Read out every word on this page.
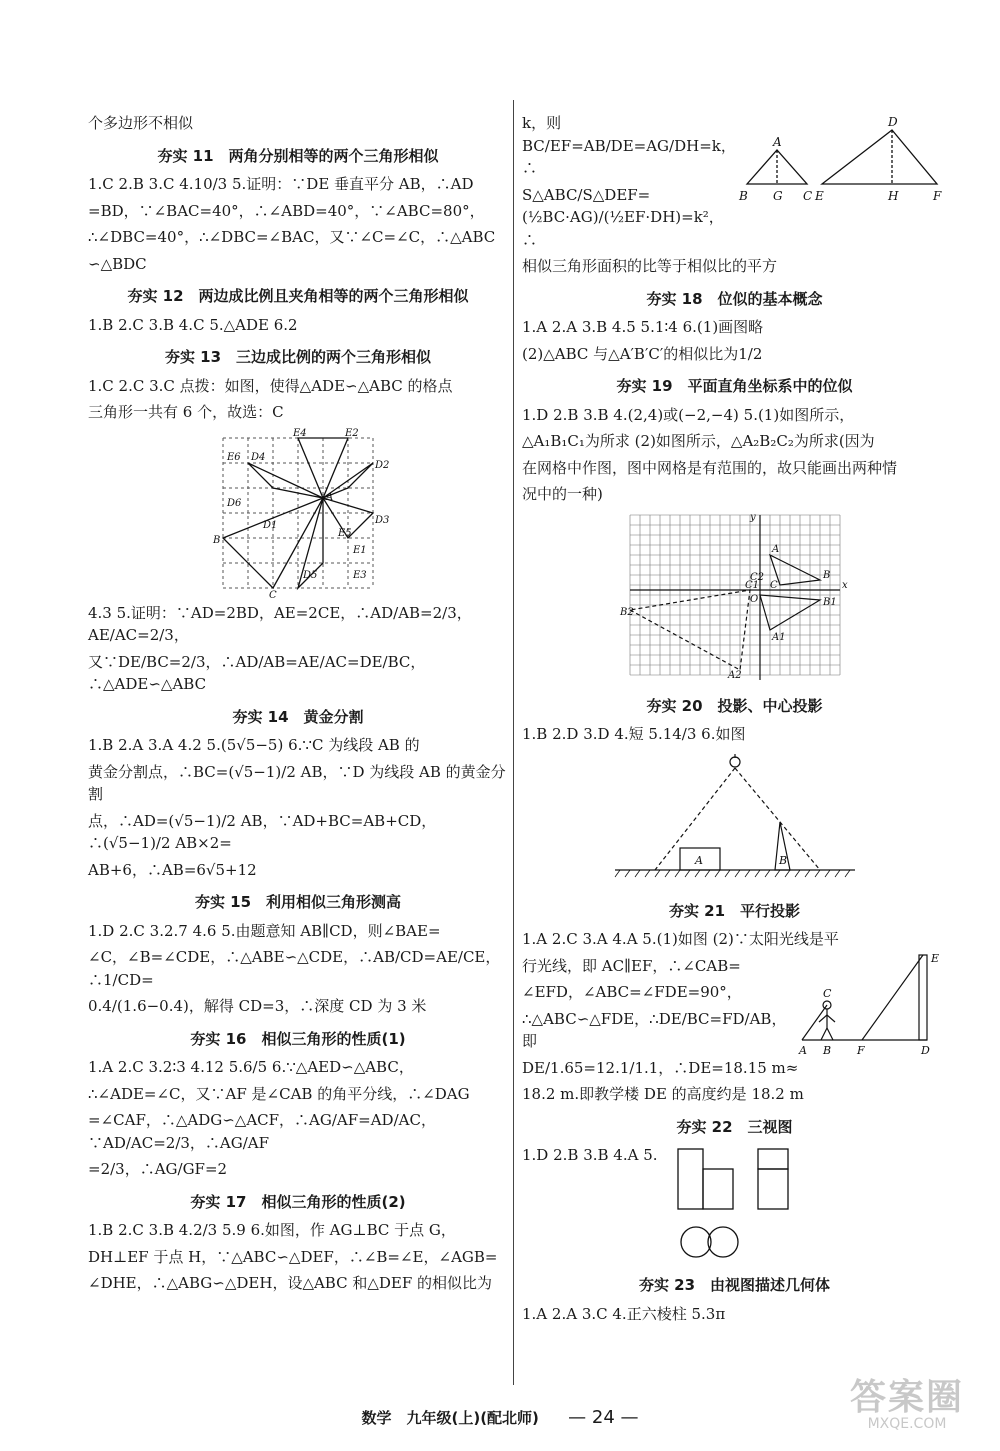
个多边形不相似
夯实 11　两角分别相等的两个三角形相似
1.C 2.B 3.C 4.10/3 5.证明：∵DE 垂直平分 AB，∴AD
=BD，∵∠BAC=40°，∴∠ABD=40°，∵∠ABC=80°，
∴∠DBC=40°，∴∠DBC=∠BAC，又∵∠C=∠C，∴△ABC
∽△BDC
夯实 12　两边成比例且夹角相等的两个三角形相似
1.B 2.C 3.B 4.C 5.△ADE 6.2
夯实 13　三边成比例的两个三角形相似
1.C 2.C 3.C 点拨：如图，使得△ADE∽△ABC 的格点
三角形一共有 6 个，故选：C
E4	E2
E6 D4
D2
A
D6
D3
D1
E5
B
E1
D5	E3
C
4.3 5.证明：∵AD=2BD，AE=2CE，∴AD/AB=2/3，AE/AC=2/3，
又∵DE/BC=2/3，∴AD/AB=AE/AC=DE/BC，∴△ADE∽△ABC
夯实 14　黄金分割
1.B 2.A 3.A 4.2 5.(5√5−5) 6.∵C 为线段 AB 的
黄金分割点，∴BC=(√5−1)/2 AB，∵D 为线段 AB 的黄金分割
点，∴AD=(√5−1)/2 AB，∵AD+BC=AB+CD，∴(√5−1)/2 AB×2=
AB+6，∴AB=6√5+12
夯实 15　利用相似三角形测高
1.D 2.C 3.2.7 4.6 5.由题意知 AB∥CD，则∠BAE=
∠C，∠B=∠CDE，∴△ABE∽△CDE，∴AB/CD=AE/CE，∴1/CD=
0.4/(1.6−0.4)，解得 CD=3，∴深度 CD 为 3 米
夯实 16　相似三角形的性质(1)
1.A 2.C 3.2∶3 4.12 5.6/5 6.∵△AED∽△ABC，
∴∠ADE=∠C，又∵AF 是∠CAB 的角平分线，∴∠DAG
=∠CAF，∴△ADG∽△ACF，∴AG/AF=AD/AC，∵AD/AC=2/3，∴AG/AF
=2/3，∴AG/GF=2
夯实 17　相似三角形的性质(2)
1.B 2.C 3.B 4.2/3 5.9 6.如图，作 AG⊥BC 于点 G，
DH⊥EF 于点 H，∵△ABC∽△DEF，∴∠B=∠E，∠AGB=
∠DHE，∴△ABG∽△DEH，设△ABC 和△DEF 的相似比为
k，则 BC/EF=AB/DE=AG/DH=k，∴
S△ABC/S△DEF=(½BC·AG)/(½EF·DH)=k²，∴
A
B G C
D
E	H	F
相似三角形面积的比等于相似比的平方
夯实 18　位似的基本概念
1.A 2.A 3.B 4.5 5.1∶4 6.(1)画图略
(2)△ABC 与△A′B′C′的相似比为1/2
夯实 19　平面直角坐标系中的位似
1.D 2.B 3.B 4.(2,4)或(−2,−4) 5.(1)如图所示，
△A₁B₁C₁为所求 (2)如图所示，△A₂B₂C₂为所求(因为
在网格中作图，图中网格是有范围的，故只能画出两种情
况中的一种)
y
x
O
A
B
C
A1
B1
C1
A2
B2
C2
夯实 20　投影、中心投影
1.B 2.D 3.D 4.短 5.14/3 6.如图
A	B
夯实 21　平行投影
1.A 2.C 3.A 4.A 5.(1)如图 (2)∵太阳光线是平
行光线，即 AC∥EF，∴∠CAB=
∠EFD，∠ABC=∠FDE=90°，
∴△ABC∽△FDE，∴DE/BC=FD/AB，即
E
C
A B F	D
DE/1.65=12.1/1.1，∴DE=18.15 m≈
18.2 m.即教学楼 DE 的高度约是 18.2 m
夯实 22　三视图
1.D 2.B 3.B 4.A 5.
夯实 23　由视图描述几何体
1.A 2.A 3.C 4.正六棱柱 5.3π
数学　九年级(上)(配北师) — 24 —	答案圈
MXQE.COM
